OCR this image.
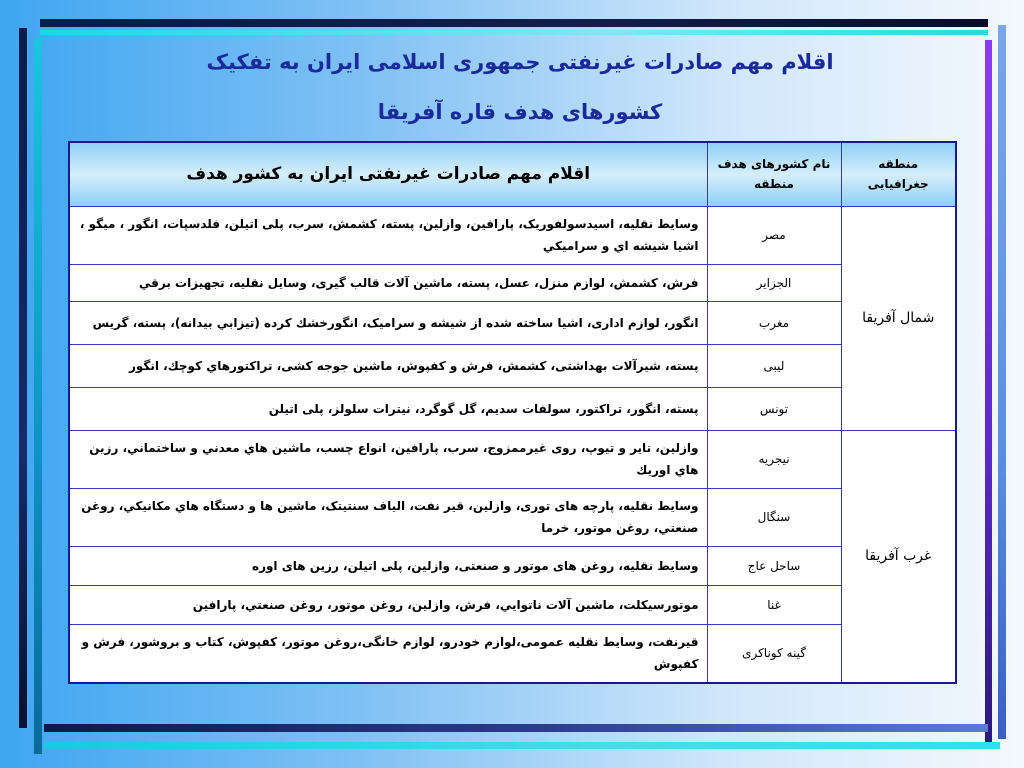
اقلام مهم صادرات غیرنفتی جمهوری اسلامی ایران به تفکیک
کشورهای هدف قاره آفریقا
منطقه جغرافیایی	نام کشورهای هدف منطقه	اقلام مهم صادرات غیرنفتی ایران به کشور هدف
شمال آفریقا	مصر	وسايط نقليه، اسيدسولفوريک، پارافين، وازلين، پسته، کشمش، سرب، پلی اتيلن، فلدسپات، انگور ، ميگو ، اشيا شيشه اي و سراميكي
	الجزاير	فرش، کشمش، لوازم منزل، عسل، پسته، ماشین آلات قالب گیری، وسايل نقليه، تجهيزات برقي
	مغرب	انگور، لوازم اداری، اشيا ساخته شده از شيشه و سراميک، انگورخشك كرده (تيزابي بيدانه)، پسته، گريس
	لیبی	پسته، شيرآلات بهداشتی، کشمش، فرش و کفپوش، ماشين جوجه کشی، تراكتورهاي كوچك، انگور
	تونس	پسته، انگور، تراکتور، سولفات سديم، گل گوگرد، نيترات سلولز، پلی اتيلن
غرب آفریقا	نیجریه	وازلين، تاير و تيوپ، روی غيرممزوج، سرب، پارافين، انواع چسب، ماشين هاي معدني و ساختماني، رزين هاي اوريك
	سنگال	وسايط نقليه، پارچه های توری، وازلين، قیر نفت، الياف سنتيتک، ماشين ها و دستگاه هاي مكانيكي، روغن صنعتي، روغن موتور، خرما
	ساحل عاج	وسايط نقليه، روغن های موتور و صنعتی، وازلين، پلی اتيلن، رزين های اوره
	غنا	موتورسيكلت، ماشين آلات ناتوايي، فرش، وازلين، روغن موتور، روغن صنعتي، پارافين
	گینه کوناکری	قیرنفت، وسایط نقلیه عمومی،لوازم خودرو، لوازم خانگی،روغن موتور، کفپوش، کتاب و بروشور، فرش و کفپوش
